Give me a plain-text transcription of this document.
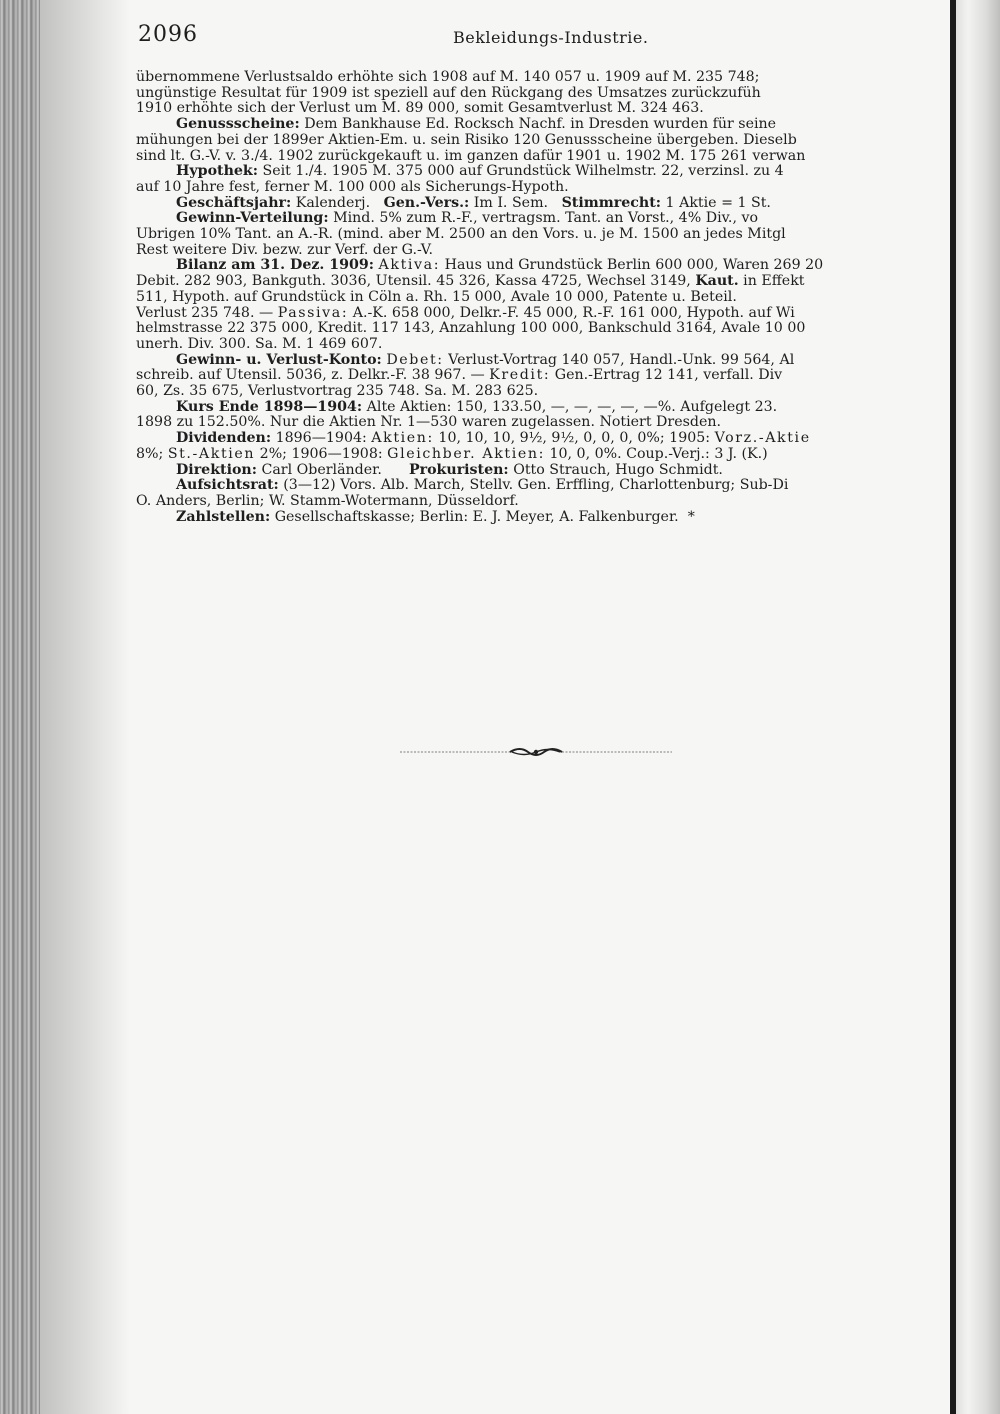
2096	Bekleidungs-Industrie.
übernommene Verlustsaldo erhöhte sich 1908 auf M. 140 057 u. 1909 auf M. 235 748;
ungünstige Resultat für 1909 ist speziell auf den Rückgang des Umsatzes zurückzufüh
1910 erhöhte sich der Verlust um M. 89 000, somit Gesamtverlust M. 324 463.
Genussscheine: Dem Bankhause Ed. Rocksch Nachf. in Dresden wurden für seine
mühungen bei der 1899er Aktien-Em. u. sein Risiko 120 Genussscheine übergeben. Dieselb
sind lt. G.-V. v. 3./4. 1902 zurückgekauft u. im ganzen dafür 1901 u. 1902 M. 175 261 verwan
Hypothek: Seit 1./4. 1905 M. 375 000 auf Grundstück Wilhelmstr. 22, verzinsl. zu 4
auf 10 Jahre fest, ferner M. 100 000 als Sicherungs-Hypoth.
Geschäftsjahr: Kalenderj.   Gen.-Vers.: Im I. Sem.   Stimmrecht: 1 Aktie = 1 St.
Gewinn-Verteilung: Mind. 5% zum R.-F., vertragsm. Tant. an Vorst., 4% Div., vo
Übrigen 10% Tant. an A.-R. (mind. aber M. 2500 an den Vors. u. je M. 1500 an jedes Mitgl
Rest weitere Div. bezw. zur Verf. der G.-V.
Bilanz am 31. Dez. 1909: Aktiva: Haus und Grundstück Berlin 600 000, Waren 269 20
Debit. 282 903, Bankguth. 3036, Utensil. 45 326, Kassa 4725, Wechsel 3149, Kaut. in Effekt
511, Hypoth. auf Grundstück in Cöln a. Rh. 15 000, Avale 10 000, Patente u. Beteil.
Verlust 235 748. — Passiva: A.-K. 658 000, Delkr.-F. 45 000, R.-F. 161 000, Hypoth. auf Wi
helmstrasse 22 375 000, Kredit. 117 143, Anzahlung 100 000, Bankschuld 3164, Avale 10 00
unerh. Div. 300. Sa. M. 1 469 607.
Gewinn- u. Verlust-Konto: Debet: Verlust-Vortrag 140 057, Handl.-Unk. 99 564, Al
schreib. auf Utensil. 5036, z. Delkr.-F. 38 967. — Kredit: Gen.-Ertrag 12 141, verfall. Div
60, Zs. 35 675, Verlustvortrag 235 748. Sa. M. 283 625.
Kurs Ende 1898—1904: Alte Aktien: 150, 133.50, —, —, —, —, —%. Aufgelegt 23.
1898 zu 152.50%. Nur die Aktien Nr. 1—530 waren zugelassen. Notiert Dresden.
Dividenden: 1896—1904: Aktien: 10, 10, 10, 9½, 9½, 0, 0, 0, 0%; 1905: Vorz.-Aktie
8%; St.-Aktien 2%; 1906—1908: Gleichber. Aktien: 10, 0, 0%. Coup.-Verj.: 3 J. (K.)
Direktion: Carl Oberländer.      Prokuristen: Otto Strauch, Hugo Schmidt.
Aufsichtsrat: (3—12) Vors. Alb. March, Stellv. Gen. Erffling, Charlottenburg; Sub-Di
O. Anders, Berlin; W. Stamm-Wotermann, Düsseldorf.
Zahlstellen: Gesellschaftskasse; Berlin: E. J. Meyer, A. Falkenburger.  *
